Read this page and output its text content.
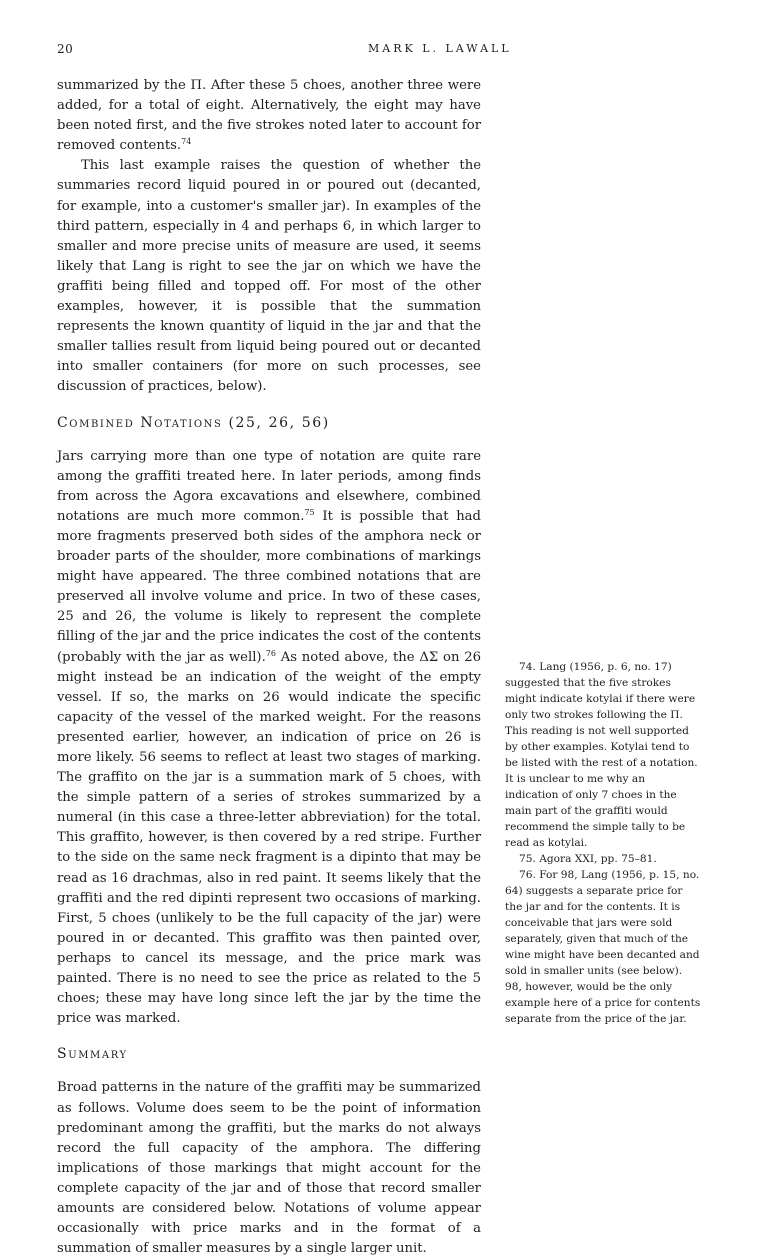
20	MARK L. LAWALL

summarized by the Π. After these 5 choes, another three were added, for a total of eight. Alternatively, the eight may have been noted first, and the five strokes noted later to account for removed contents.$^{74}$

This last example raises the question of whether the summaries record liquid poured in or poured out (decanted, for example, into a customer's smaller jar). In examples of the third pattern, especially in 4 and perhaps 6, in which larger to smaller and more precise units of measure are used, it seems likely that Lang is right to see the jar on which we have the graffiti being filled and topped off. For most of the other examples, however, it is possible that the summation represents the known quantity of liquid in the jar and that the smaller tallies result from liquid being poured out or decanted into smaller containers (for more on such processes, see discussion of practices, below).

Combined Notations (25, 26, 56)

Jars carrying more than one type of notation are quite rare among the graffiti treated here. In later periods, among finds from across the Agora excavations and elsewhere, combined notations are much more common.$^{75}$ It is possible that had more fragments preserved both sides of the amphora neck or broader parts of the shoulder, more combinations of markings might have appeared. The three combined notations that are preserved all involve volume and price. In two of these cases, 25 and 26, the volume is likely to represent the complete filling of the jar and the price indicates the cost of the contents (probably with the jar as well).$^{76}$ As noted above, the ΔΣ on 26 might instead be an indication of the weight of the empty vessel. If so, the marks on 26 would indicate the specific capacity of the vessel of the marked weight. For the reasons presented earlier, however, an indication of price on 26 is more likely. 56 seems to reflect at least two stages of marking. The graffito on the jar is a summation mark of 5 choes, with the simple pattern of a series of strokes summarized by a numeral (in this case a three-letter abbreviation) for the total. This graffito, however, is then covered by a red stripe. Further to the side on the same neck fragment is a dipinto that may be read as 16 drachmas, also in red paint. It seems likely that the graffiti and the red dipinti represent two occasions of marking. First, 5 choes (unlikely to be the full capacity of the jar) were poured in or decanted. This graffito was then painted over, perhaps to cancel its message, and the price mark was painted. There is no need to see the price as related to the 5 choes; these may have long since left the jar by the time the price was marked.

Summary

Broad patterns in the nature of the graffiti may be summarized as follows. Volume does seem to be the point of information predominant among the graffiti, but the marks do not always record the full capacity of the amphora. The differing implications of those markings that might account for the complete capacity of the jar and of those that record smaller amounts are considered below. Notations of volume appear occasionally with price marks and in the format of a summation of smaller measures by a single larger unit.

74. Lang (1956, p. 6, no. 17) suggested that the five strokes might indicate kotylai if there were only two strokes following the Π. This reading is not well supported by other examples. Kotylai tend to be listed with the rest of a notation. It is unclear to me why an indication of only 7 choes in the main part of the graffiti would recommend the simple tally to be read as kotylai.

75. Agora XXI, pp. 75–81.

76. For 98, Lang (1956, p. 15, no. 64) suggests a separate price for the jar and for the contents. It is conceivable that jars were sold separately, given that much of the wine might have been decanted and sold in smaller units (see below). 98, however, would be the only example here of a price for contents separate from the price of the jar.
